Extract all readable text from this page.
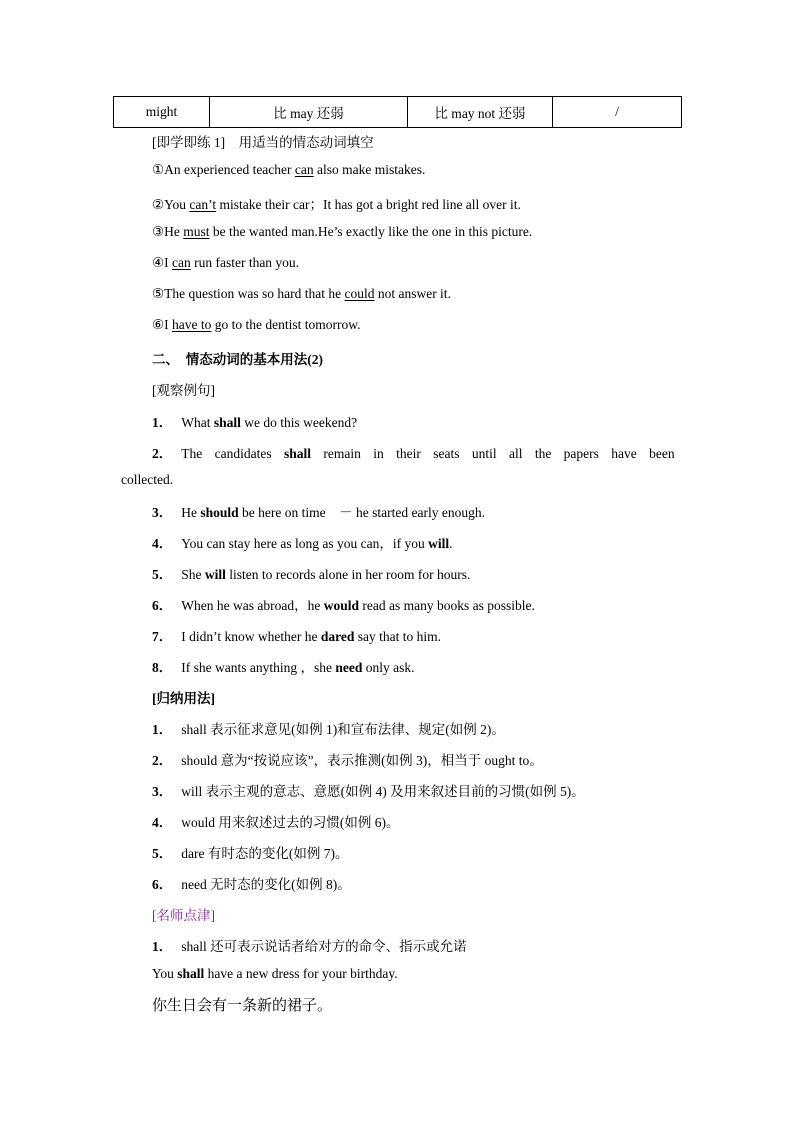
might	比 may 还弱	比 may not 还弱	/
[即学即练 1]　用适当的情态动词填空
①An experienced teacher can also make mistakes.
②You can’t mistake their car；It has got a bright red line all over it.
③He must be the wanted man.He’s exactly like the one in this picture.
④I can run faster than you.
⑤The question was so hard that he could not answer it.
⑥I have to go to the dentist tomorrow.
二、　情态动词的基本用法(2)
[观察例句]
1． What shall we do this weekend?
2． The candidates shall remain in their seats until all the papers have been
collected.
3． He should be here on time　－ he started early enough.
4． You can stay here as long as you can，if you will.
5． She will listen to records alone in her room for hours.
6． When he was abroad，he would read as many books as possible.
7． I didn’t know whether he dared say that to him.
8． If she wants anything ，she need only ask.
[归纳用法]
1． shall 表示征求意见(如例 1)和宣布法律、规定(如例 2)。
2． should 意为“按说应该”，表示推测(如例 3)，相当于 ought to。
3． will 表示主观的意志、意愿(如例 4) 及用来叙述目前的习惯(如例 5)。
4． would 用来叙述过去的习惯(如例 6)。
5． dare 有时态的变化(如例 7)。
6． need 无时态的变化(如例 8)。
[名师点津]
1． shall 还可表示说话者给对方的命令、指示或允诺
You shall have a new dress for your birthday.
你生日会有一条新的裙子。
